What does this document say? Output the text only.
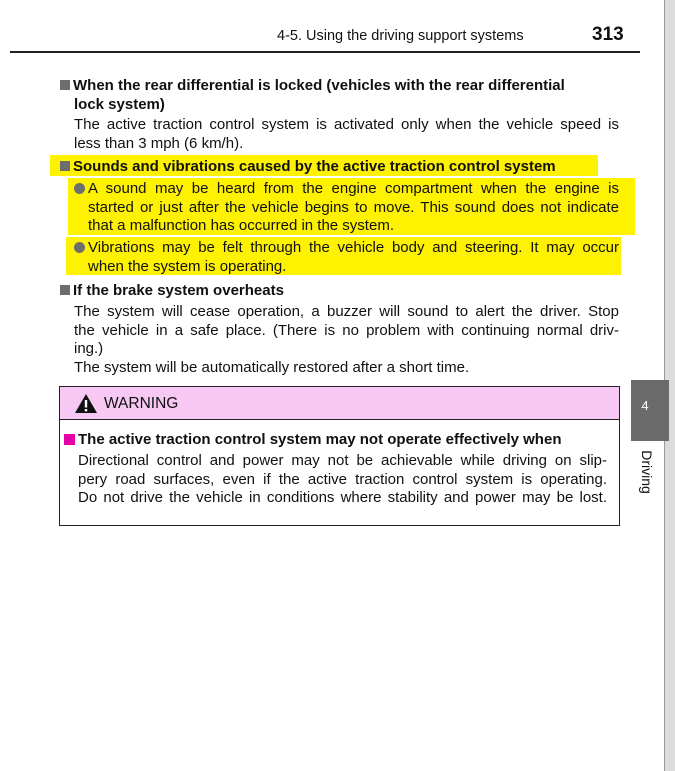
4-5. Using the driving support systems	313
When the rear differential is locked (vehicles with the rear differential
lock system)
The active traction control system is activated only when the vehicle speed is
less than 3 mph (6 km/h).
Sounds and vibrations caused by the active traction control system
A sound may be heard from the engine compartment when the engine is
started or just after the vehicle begins to move. This sound does not indicate
that a malfunction has occurred in the system.
Vibrations may be felt through the vehicle body and steering. It may occur
when the system is operating.
If the brake system overheats
The system will cease operation, a buzzer will sound to alert the driver. Stop
the vehicle in a safe place. (There is no problem with continuing normal driv-
ing.)
The system will be automatically restored after a short time.
WARNING
The active traction control system may not operate effectively when
Directional control and power may not be achievable while driving on slip-
pery road surfaces, even if the active traction control system is operating.
Do not drive the vehicle in conditions where stability and power may be lost.
4
Driving
